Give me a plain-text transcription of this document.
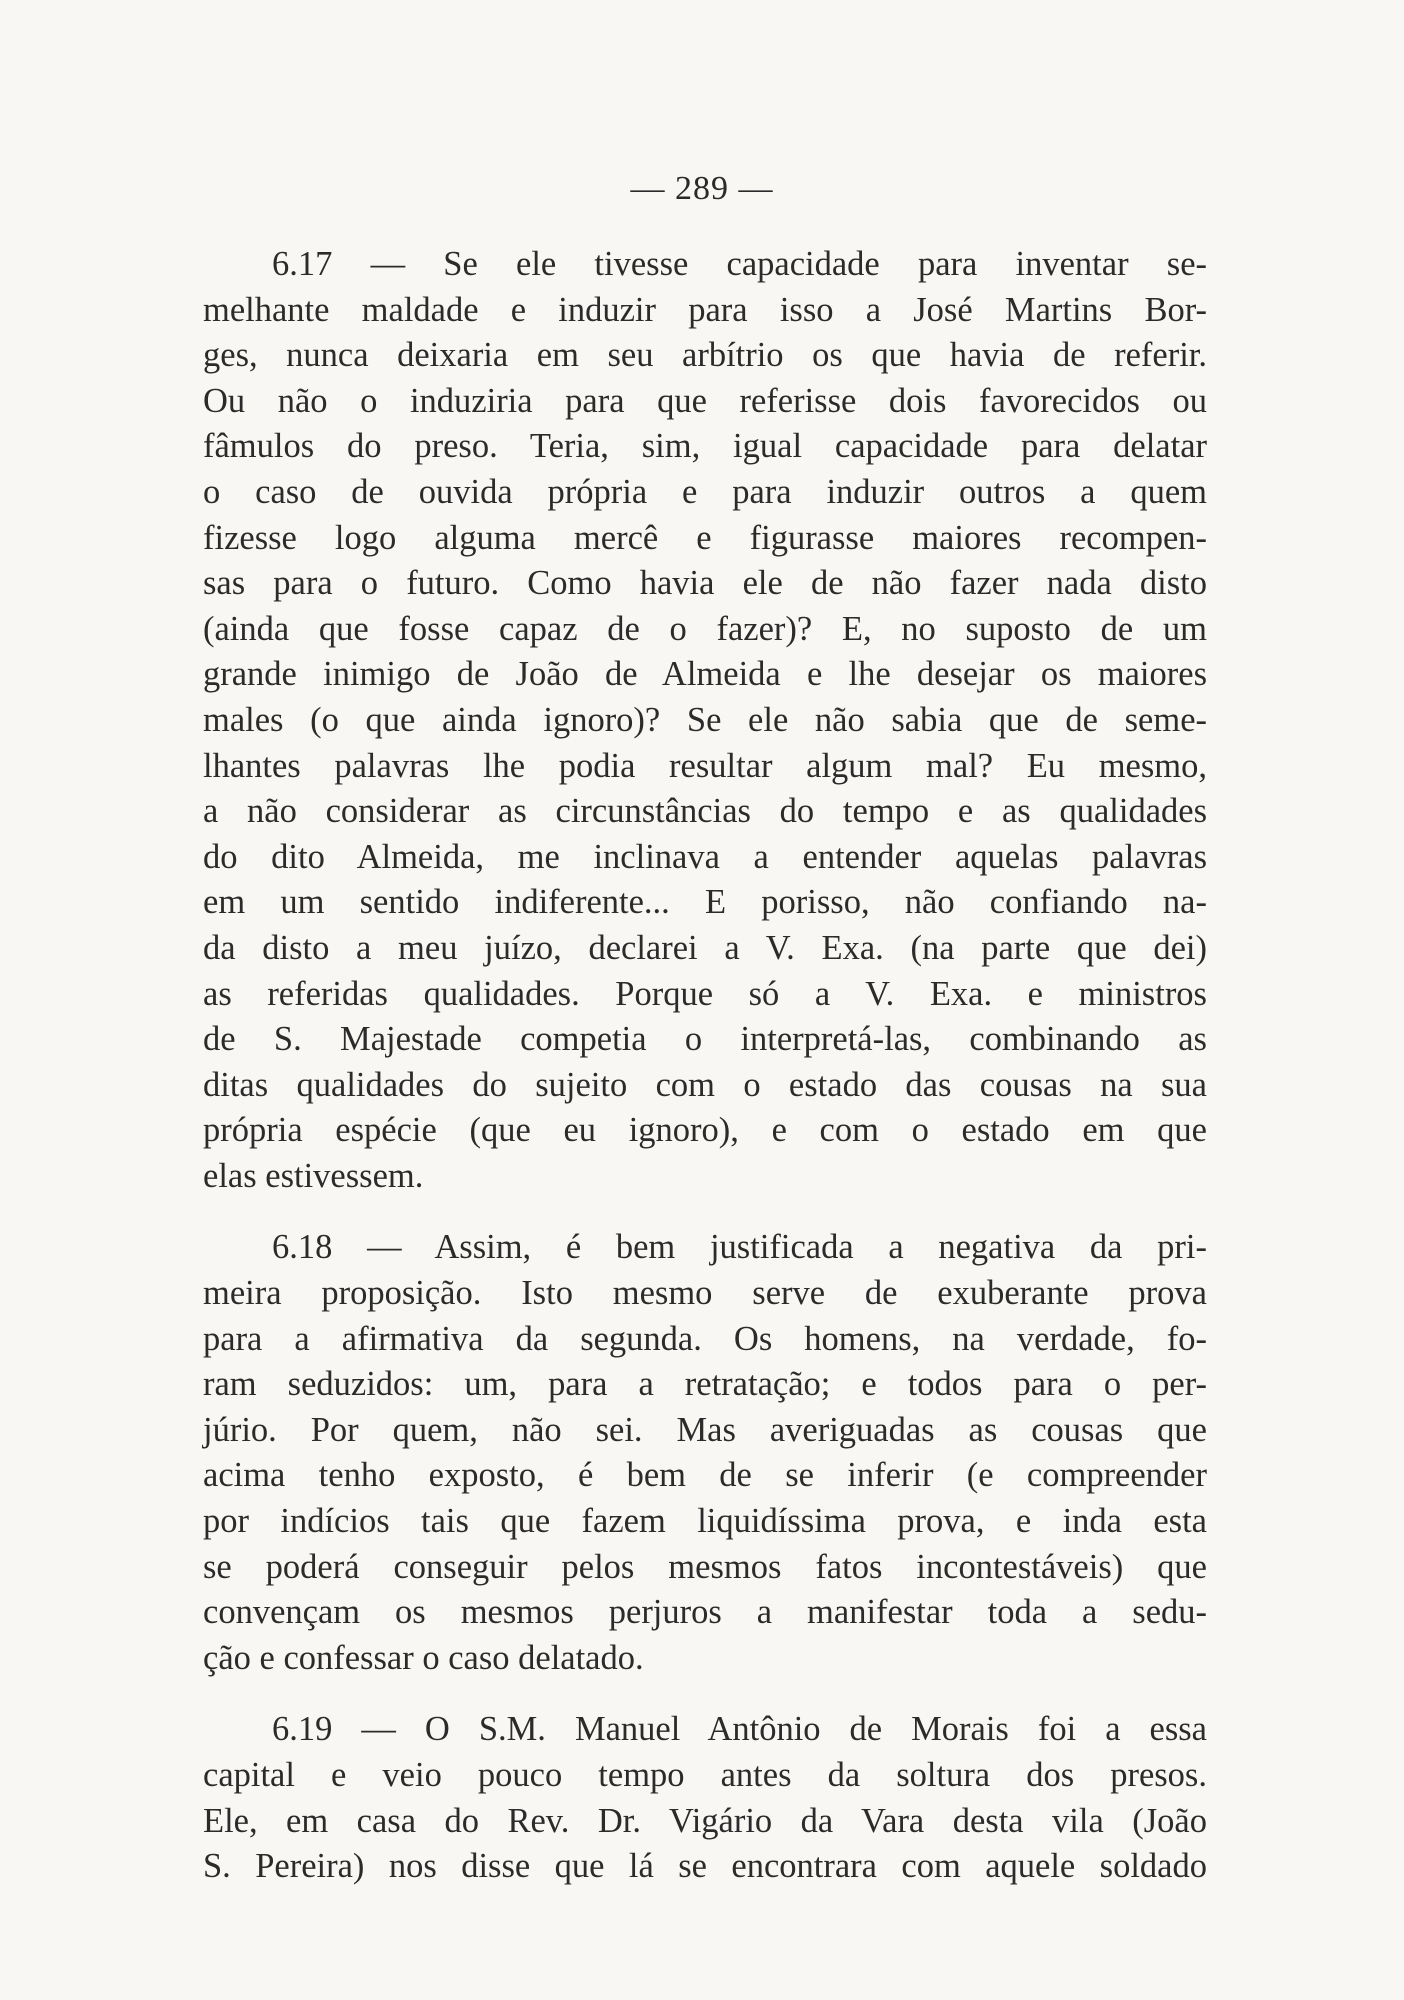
— 289 —
  6.17 — Se ele tivesse capacidade para inventar se-
melhante maldade e induzir para isso a José Martins Bor-
ges, nunca deixaria em seu arbítrio os que havia de referir.
Ou não o induziria para que referisse dois favorecidos ou
fâmulos do preso. Teria, sim, igual capacidade para delatar
o caso de ouvida própria e para induzir outros a quem
fizesse logo alguma mercê e figurasse maiores recompen-
sas para o futuro. Como havia ele de não fazer nada disto
(ainda que fosse capaz de o fazer)? E, no suposto de um
grande inimigo de João de Almeida e lhe desejar os maiores
males (o que ainda ignoro)? Se ele não sabia que de seme-
lhantes palavras lhe podia resultar algum mal? Eu mesmo,
a não considerar as circunstâncias do tempo e as qualidades
do dito Almeida, me inclinava a entender aquelas palavras
em um sentido indiferente... E porisso, não confiando na-
da disto a meu juízo, declarei a V. Exa. (na parte que dei)
as referidas qualidades. Porque só a V. Exa. e ministros
de S. Majestade competia o interpretá-las, combinando as
ditas qualidades do sujeito com o estado das cousas na sua
própria espécie (que eu ignoro), e com o estado em que
elas estivessem.
  6.18 — Assim, é bem justificada a negativa da pri-
meira proposição. Isto mesmo serve de exuberante prova
para a afirmativa da segunda. Os homens, na verdade, fo-
ram seduzidos: um, para a retratação; e todos para o per-
júrio. Por quem, não sei. Mas averiguadas as cousas que
acima tenho exposto, é bem de se inferir (e compreender
por indícios tais que fazem liquidíssima prova, e inda esta
se poderá conseguir pelos mesmos fatos incontestáveis) que
convençam os mesmos perjuros a manifestar toda a sedu-
ção e confessar o caso delatado.
  6.19 — O S.M. Manuel Antônio de Morais foi a essa
capital e veio pouco tempo antes da soltura dos presos.
Ele, em casa do Rev. Dr. Vigário da Vara desta vila (João
S. Pereira) nos disse que lá se encontrara com aquele soldado
